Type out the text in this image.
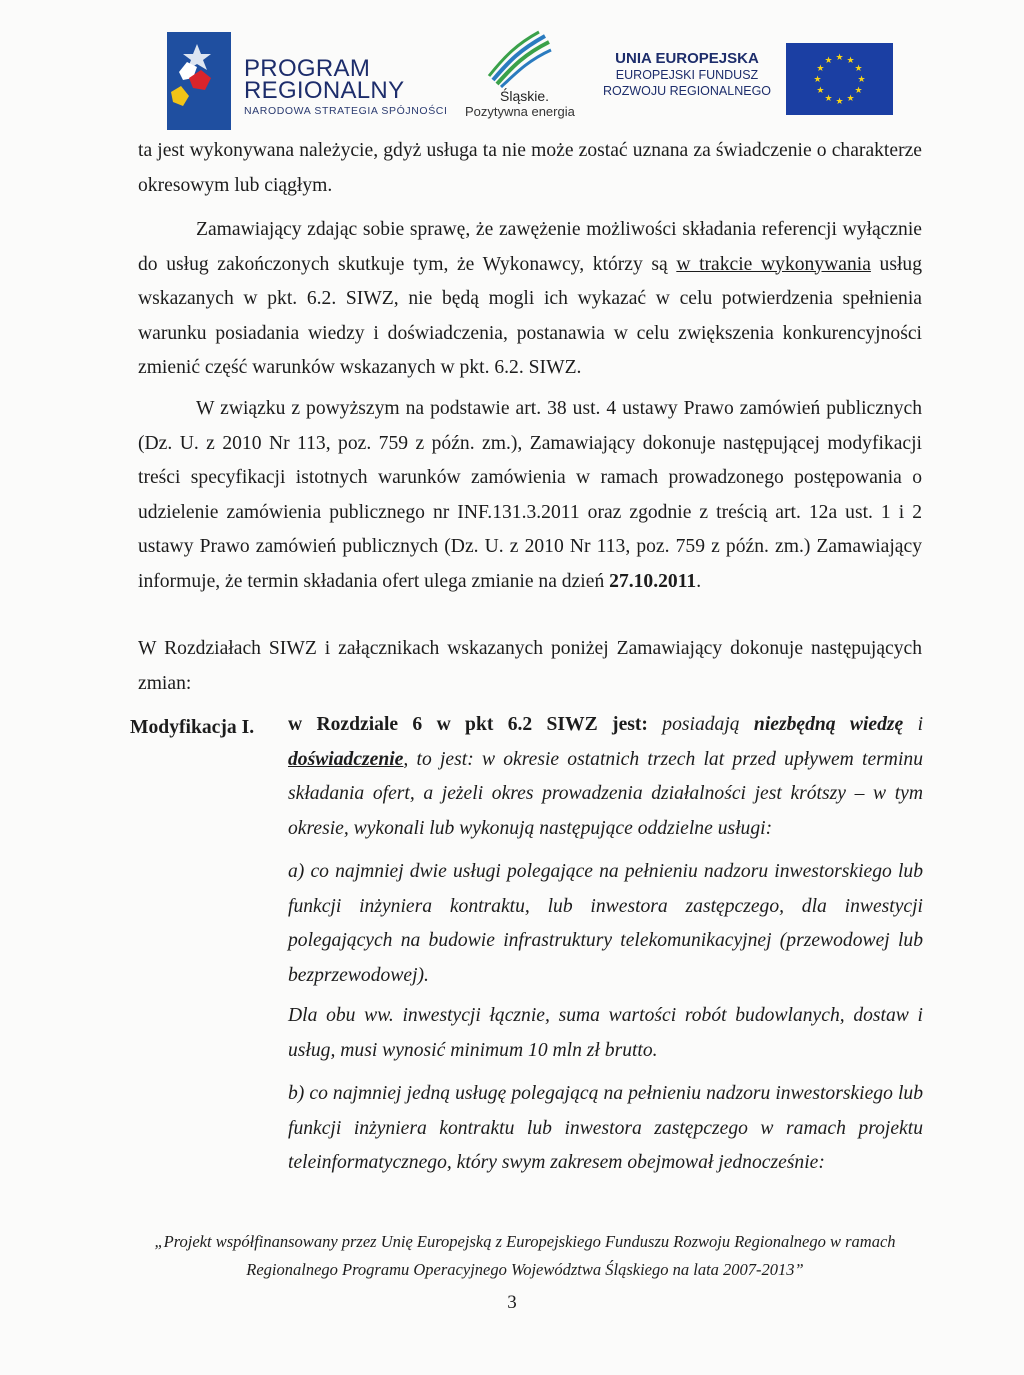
PROGRAM
REGIONALNY
NARODOWA STRATEGIA SPÓJNOŚCI
Śląskie.
Pozytywna energia
UNIA EUROPEJSKA
EUROPEJSKI FUNDUSZ
ROZWOJU REGIONALNEGO
★ ★
★
★
★
★
★
★
★
★
★
★

ta jest wykonywana należycie, gdyż usługa ta nie może zostać uznana za świadczenie o charakterze okresowym lub ciągłym.

Zamawiający zdając sobie sprawę, że zawężenie możliwości składania referencji wyłącznie do usług zakończonych skutkuje tym, że Wykonawcy, którzy są w trakcie wykonywania usług wskazanych w pkt. 6.2. SIWZ, nie będą mogli ich wykazać w celu potwierdzenia spełnienia warunku posiadania wiedzy i doświadczenia, postanawia w celu zwiększenia konkurencyjności zmienić część warunków wskazanych w pkt. 6.2. SIWZ.

W związku z powyższym na podstawie art. 38 ust. 4 ustawy Prawo zamówień publicznych (Dz. U. z 2010 Nr 113, poz. 759 z późn. zm.), Zamawiający dokonuje następującej modyfikacji treści specyfikacji istotnych warunków zamówienia w ramach prowadzonego postępowania o udzielenie zamówienia publicznego nr INF.131.3.2011 oraz zgodnie z treścią art. 12a ust. 1 i 2 ustawy Prawo zamówień publicznych (Dz. U. z 2010 Nr 113, poz. 759 z późn. zm.) Zamawiający informuje, że termin składania ofert ulega zmianie na dzień 27.10.2011.

W Rozdziałach SIWZ i załącznikach wskazanych poniżej Zamawiający dokonuje następujących zmian:

Modyfikacja I. w Rozdziale 6 w pkt 6.2 SIWZ jest: posiadają niezbędną wiedzę i doświadczenie, to jest: w okresie ostatnich trzech lat przed upływem terminu składania ofert, a jeżeli okres prowadzenia działalności jest krótszy – w tym okresie, wykonali lub wykonują następujące oddzielne usługi:

a) co najmniej dwie usługi polegające na pełnieniu nadzoru inwestorskiego lub funkcji inżyniera kontraktu, lub inwestora zastępczego, dla inwestycji polegających na budowie infrastruktury telekomunikacyjnej (przewodowej lub bezprzewodowej).

Dla obu ww. inwestycji łącznie, suma wartości robót budowlanych, dostaw i usług, musi wynosić minimum 10 mln zł brutto.

b) co najmniej jedną usługę polegającą na pełnieniu nadzoru inwestorskiego lub funkcji inżyniera kontraktu lub inwestora zastępczego w ramach projektu teleinformatycznego, który swym zakresem obejmował jednocześnie:

„Projekt współfinansowany przez Unię Europejską z Europejskiego Funduszu Rozwoju Regionalnego w ramach
Regionalnego Programu Operacyjnego Województwa Śląskiego na lata 2007-2013”
3
